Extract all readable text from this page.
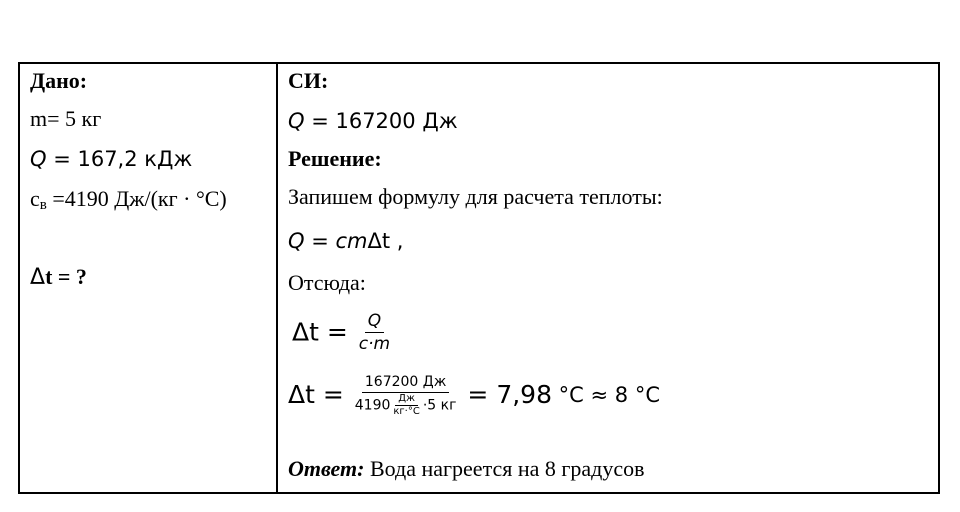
Дано:
m= 5 кг
Q = 167,2 кДж
$с_в =4190$ Дж/(кг · °С)
Δt = ?
СИ:
Q = 167200 Дж
Решение:
Запишем формулу для расчета теплоты:
Q = cmΔt ,
Отсюда:
$\Delta t = \frac{Q}{c\cdot m}$
$\Delta t = \frac{167200 Дж}{4190 \frac{Дж}{кг\cdot^\circ С} \cdot 5 кг} = 7,98$ °С ≈ 8 °С
Ответ: Вода нагреется на 8 градусов
